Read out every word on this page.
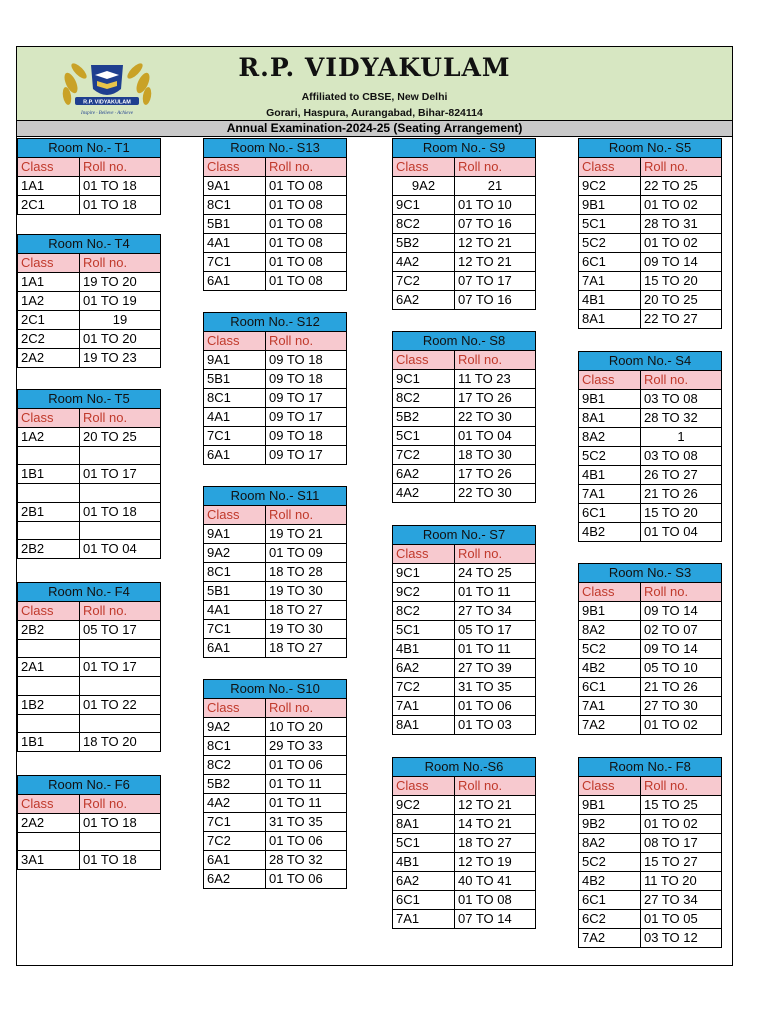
R.P. VIDYAKULAM
Inspire · Believe · Achieve
R.P. VIDYAKULAM
Affiliated to CBSE, New Delhi
Gorari, Haspura, Aurangabad, Bihar-824114
Annual Examination-2024-25 (Seating Arrangement)
Room No.- T1	
Class	Roll no.
1A1	01 TO 18
2C1	01 TO 18
Room No.- T4	
Class	Roll no.
1A1	19 TO 20
1A2	01 TO 19
2C1	19
2C2	01 TO 20
2A2	19 TO 23
Room No.- T5	
Class	Roll no.
1A2	20 TO 25

1B1	01 TO 17

2B1	01 TO 18

2B2	01 TO 04
Room No.- F4	
Class	Roll no.
2B2	05 TO 17

2A1	01 TO 17

1B2	01 TO 22

1B1	18 TO 20
Room No.- F6	
Class	Roll no.
2A2	01 TO 18

3A1	01 TO 18
Room No.- S13	
Class	Roll no.
9A1	01 TO 08
8C1	01 TO 08
5B1	01 TO 08
4A1	01 TO 08
7C1	01 TO 08
6A1	01 TO 08
Room No.- S12	
Class	Roll no.
9A1	09 TO 18
5B1	09 TO 18
8C1	09 TO 17
4A1	09 TO 17
7C1	09 TO 18
6A1	09 TO 17
Room No.- S11	
Class	Roll no.
9A1	19 TO 21
9A2	01 TO 09
8C1	18 TO 28
5B1	19 TO 30
4A1	18 TO 27
7C1	19 TO 30
6A1	18 TO 27
Room No.- S10	
Class	Roll no.
9A2	10 TO 20
8C1	29 TO 33
8C2	01 TO 06
5B2	01 TO 11
4A2	01 TO 11
7C1	31 TO 35
7C2	01 TO 06
6A1	28 TO 32
6A2	01 TO 06
Room No.- S9	
Class	Roll no.
9A2	21
9C1	01 TO 10
8C2	07 TO 16
5B2	12 TO 21
4A2	12 TO 21
7C2	07 TO 17
6A2	07 TO 16
Room No.- S8	
Class	Roll no.
9C1	11 TO 23
8C2	17 TO 26
5B2	22 TO 30
5C1	01 TO 04
7C2	18 TO 30
6A2	17 TO 26
4A2	22 TO 30
Room No.- S7	
Class	Roll no.
9C1	24 TO 25
9C2	01 TO 11
8C2	27 TO 34
5C1	05 TO 17
4B1	01 TO 11
6A2	27 TO 39
7C2	31 TO 35
7A1	01 TO 06
8A1	01 TO 03
Room No.-S6	
Class	Roll no.
9C2	12 TO 21
8A1	14 TO 21
5C1	18 TO 27
4B1	12 TO 19
6A2	40 TO 41
6C1	01 TO 08
7A1	07 TO 14
Room No.- S5	
Class	Roll no.
9C2	22 TO 25
9B1	01 TO 02
5C1	28 TO 31
5C2	01 TO 02
6C1	09 TO 14
7A1	15 TO 20
4B1	20 TO 25
8A1	22 TO 27
Room No.- S4	
Class	Roll no.
9B1	03 TO 08
8A1	28 TO 32
8A2	1
5C2	03 TO 08
4B1	26 TO 27
7A1	21 TO 26
6C1	15 TO 20
4B2	01 TO 04
Room No.- S3	
Class	Roll no.
9B1	09 TO 14
8A2	02 TO 07
5C2	09 TO 14
4B2	05 TO 10
6C1	21 TO 26
7A1	27 TO 30
7A2	01 TO 02
Room No.- F8	
Class	Roll no.
9B1	15 TO 25
9B2	01 TO 02
8A2	08 TO 17
5C2	15 TO 27
4B2	11 TO 20
6C1	27 TO 34
6C2	01 TO 05
7A2	03 TO 12
